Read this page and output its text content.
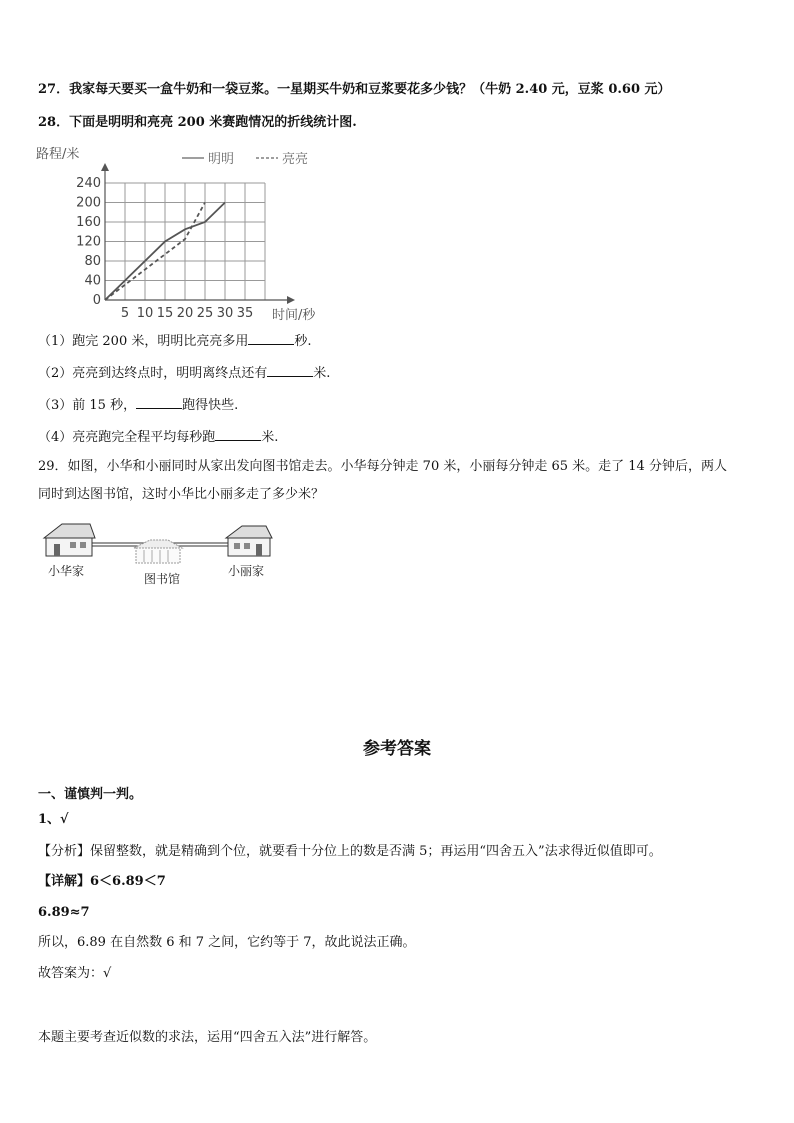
27．我家每天要买一盒牛奶和一袋豆浆。一星期买牛奶和豆浆要花多少钱？（牛奶 2.40 元，豆浆 0.60 元）
28．下面是明明和亮亮 200 米赛跑情况的折线统计图.
0
40
80
120
160
200
240
5 10 15 20 25 30 35
路程/米
时间/秒
明明	亮亮
（1）跑完 200 米，明明比亮亮多用	秒.
（2）亮亮到达终点时，明明离终点还有	米.
（3）前 15 秒，	跑得快些.
（4）亮亮跑完全程平均每秒跑	米.
29．如图，小华和小丽同时从家出发向图书馆走去。小华每分钟走 70 米，小丽每分钟走 65 米。走了 14 分钟后，两人
同时到达图书馆，这时小华比小丽多走了多少米？
小华家
图书馆
小丽家
参考答案
一、谨慎判一判。
1、√
【分析】保留整数，就是精确到个位，就要看十分位上的数是否满 5；再运用“四舍五入”法求得近似值即可。
【详解】6＜6.89＜7
6.89≈7
所以，6.89 在自然数 6 和 7 之间，它约等于 7，故此说法正确。
故答案为：√
本题主要考查近似数的求法，运用“四舍五入法”进行解答。
